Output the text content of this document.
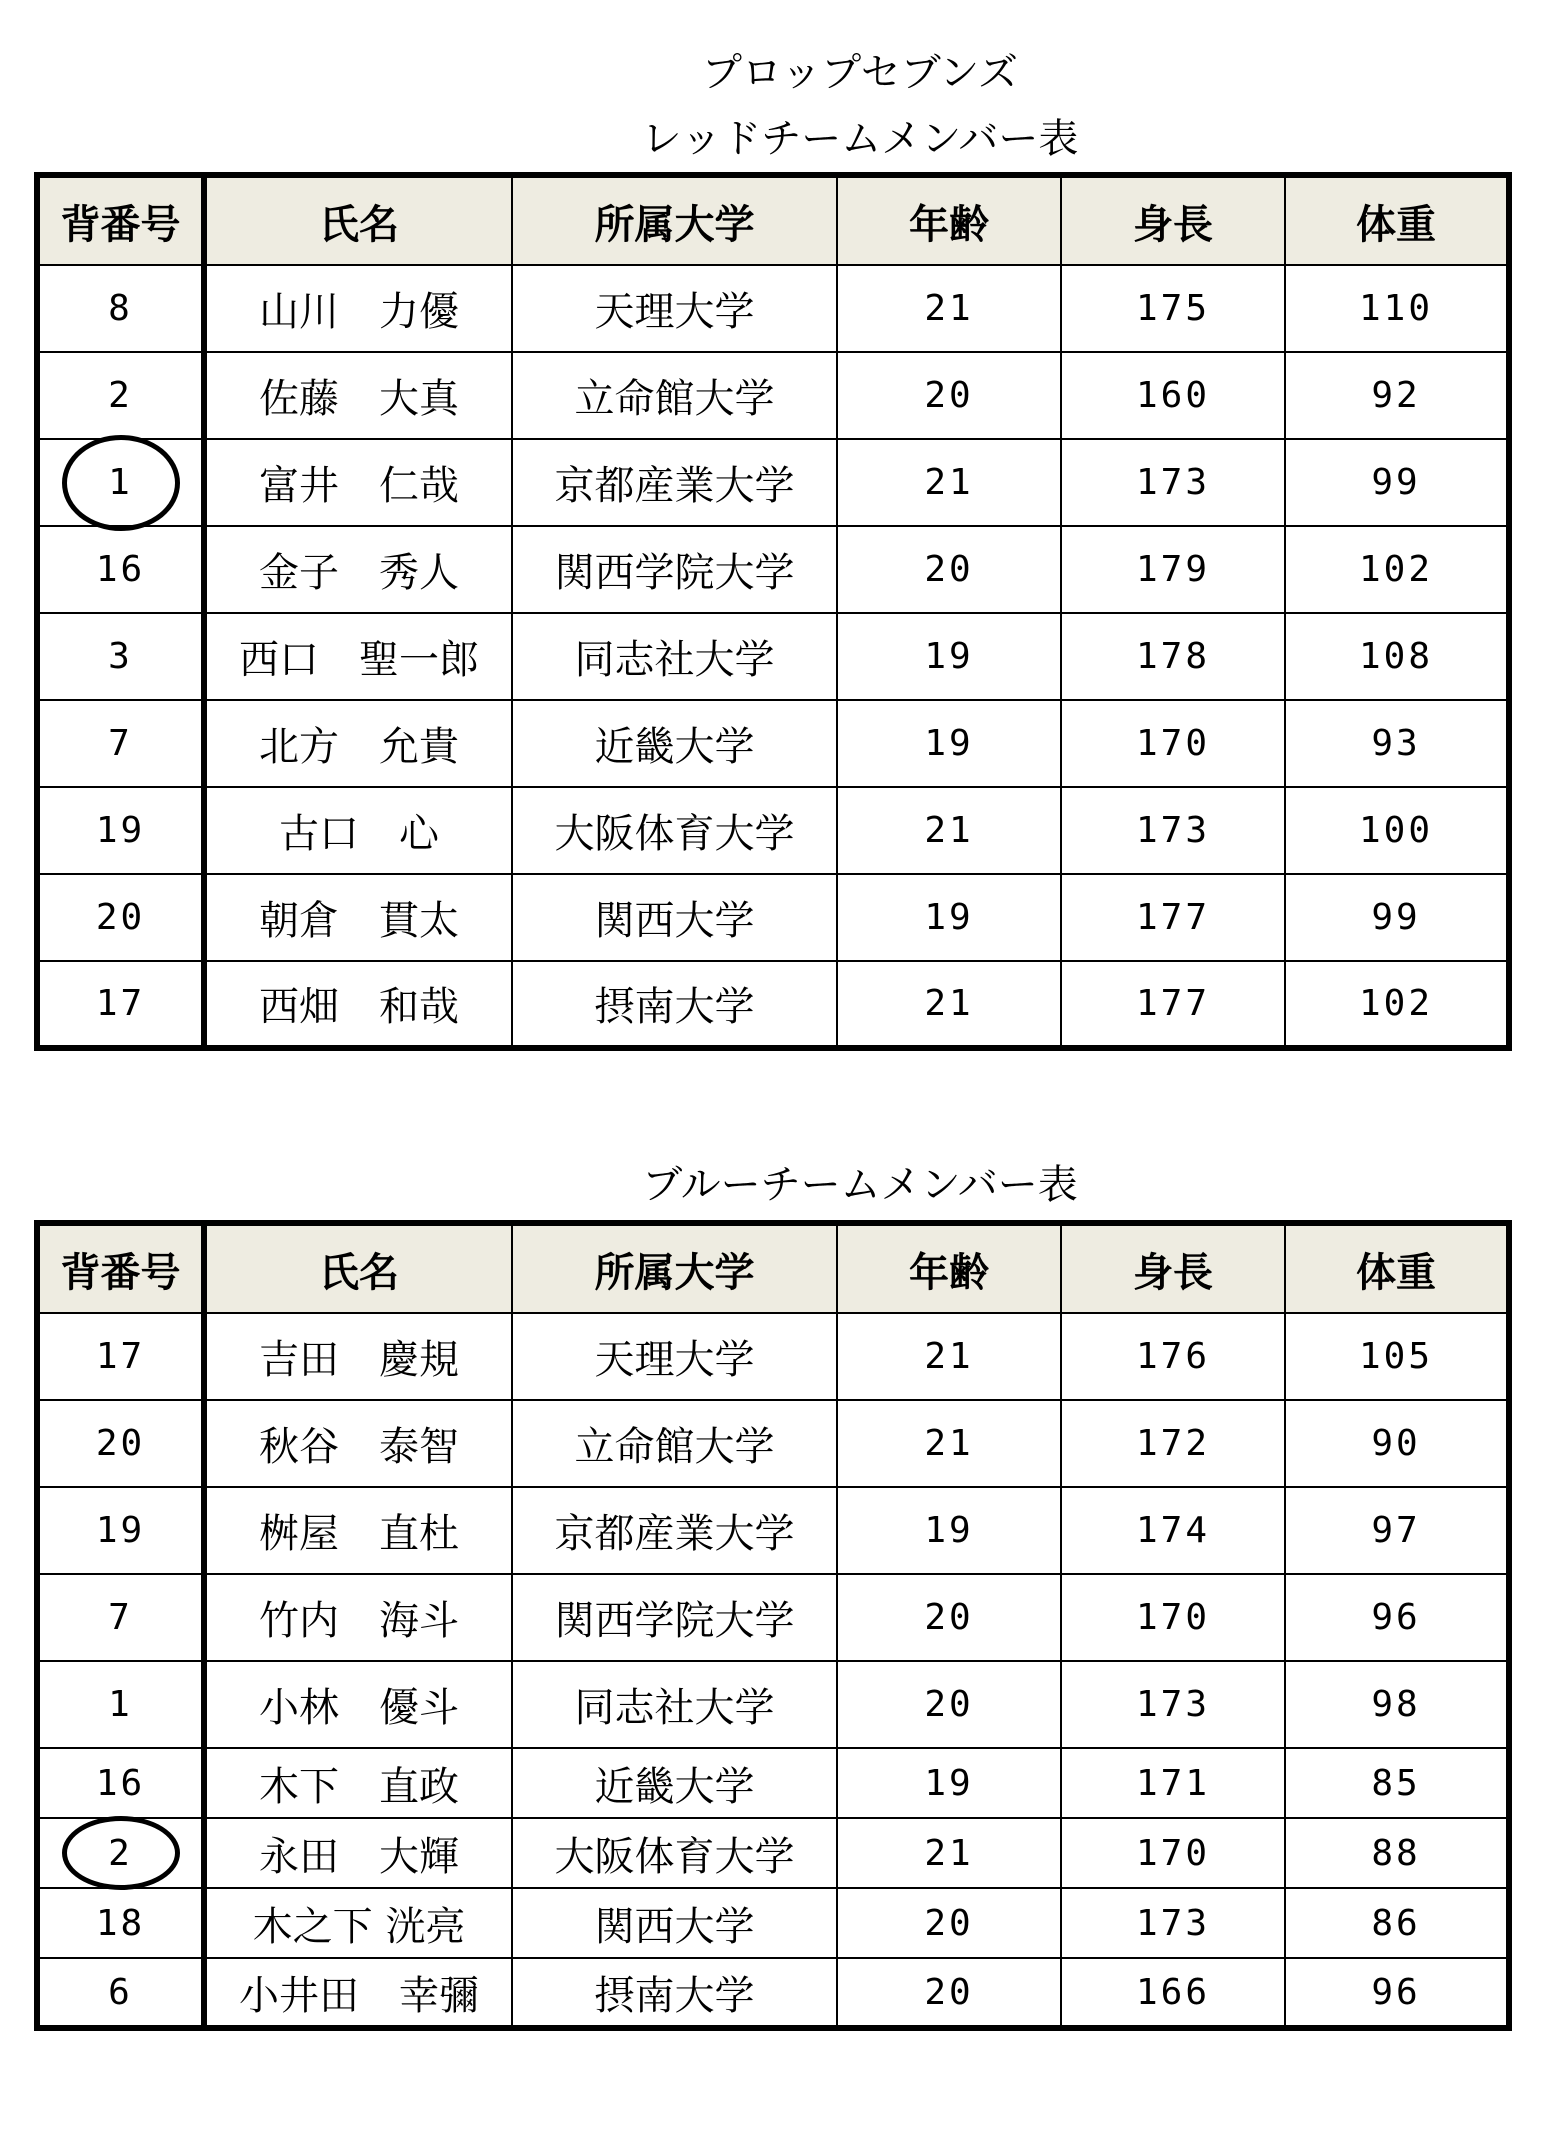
プロップセブンズ
レッドチームメンバー表
背番号	氏名	所属大学	年齢	身長	体重
8	山川　力優	天理大学	21	175	110
2	佐藤　大真	立命館大学	20	160	92
1	富井　仁哉	京都産業大学	21	173	99
16	金子　秀人	関西学院大学	20	179	102
3	西口　聖一郎	同志社大学	19	178	108
7	北方　允貴	近畿大学	19	170	93
19	古口　心	大阪体育大学	21	173	100
20	朝倉　貫太	関西大学	19	177	99
17	西畑　和哉	摂南大学	21	177	102
ブルーチームメンバー表
背番号	氏名	所属大学	年齢	身長	体重
17	吉田　慶規	天理大学	21	176	105
20	秋谷　泰智	立命館大学	21	172	90
19	桝屋　直杜	京都産業大学	19	174	97
7	竹内　海斗	関西学院大学	20	170	96
1	小林　優斗	同志社大学	20	173	98
16	木下　直政	近畿大学	19	171	85
2	永田　大輝	大阪体育大学	21	170	88
18	木之下 洸亮	関西大学	20	173	86
6	小井田　幸彌	摂南大学	20	166	96
